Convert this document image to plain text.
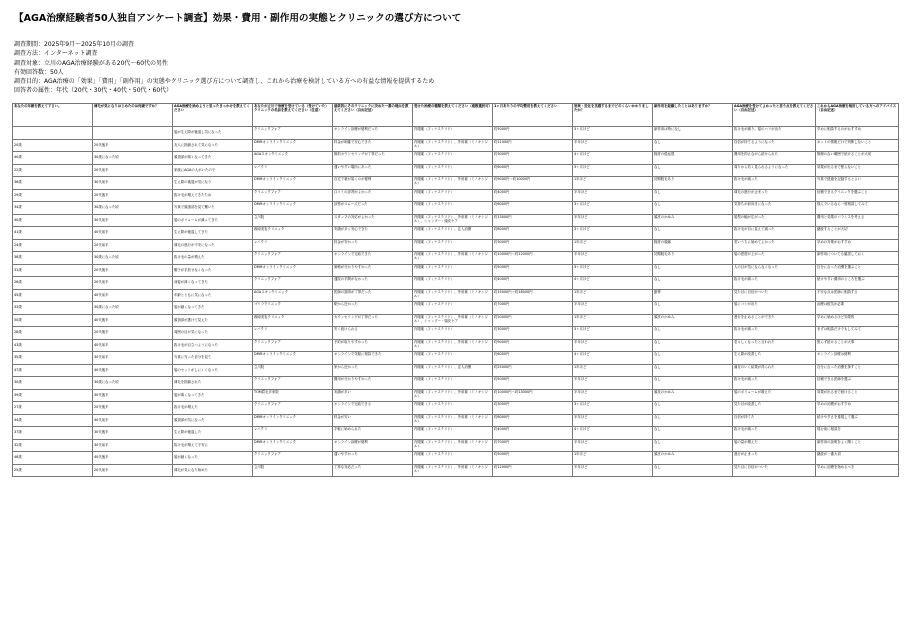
【AGA治療経験者50人独自アンケート調査】効果・費用・副作用の実態とクリニックの選び方について
調査期間：2025年9月～2025年10月の調査
調査方法：インターネット調査
調査対象：立川のAGA治療経験がある20代～60代の男性
有効回答数：50人
調査目的：AGA治療の「効果」「費用」「副作用」の実態やクリニック選び方について調査し、これから治療を検討している方への有益な情報を提供するため
回答者の属性：年代（20代・30代・40代・50代・60代）
あなたの年齢を教えて下さい。	薄毛が気になりはじめたのは何歳ですか？	AGA治療を始めようと思ったきっかけを教えてください	あなたが立川で治療を受けている（受けていた）クリニックの名前を教えてください（任意）	最終的にそのクリニックに決めた一番の理由を教えてください（自由記述）	受けた治療の種類を教えてください（複数選択可）	1ヶ月あたりの平均費用を教えてください	効果・変化を実感するまでどのくらいかかりましたか？	副作用を経験したことはありますか？	AGA治療を受けてよかったと思う点を教えてください（自由記述）	これからAGA治療を検討している方へのアドバイス（自由記述）

		髪が生え際が後退し気になった	クリニックフォア	オンライン診療が便利だった	内服薬（フィナステリド）	約5000円	3ヶ月ほど	副作用は特になし	抜け毛が減り、髪のハリが出た	早めに相談するのがおすすめ

20歳	20代後半	友人に指摘されて気になった	DMMオンラインクリニック	料金が明確で安心できた	内服薬（フィナステリド）、外用薬（ミノキシジル）	約11000円	半年ほど	なし	自信が持てるようになった	ネットの情報だけで判断しないこと

40歳	30歳になった頃	頭頂部が薄くなってきた	AGAスキンクリニック	無料カウンセリングが丁寧だった	内服薬（フィナステリド）	約3000円	4ヶ月ほど	軽度の倦怠感	費用を抑えながら続けられた	無理のない範囲で続けることが大切

22歳	20代前半	家族にAGAの人がいたので	レバクリ	通いやすい場所にあった	内服薬（フィナステリド）	約6000円	3ヶ月ほど	なし	周りから若く見られるようになった	効果が出るまで焦らないこと

36歳	30代前半	生え際の後退が気になり	DMMオンラインクリニック	自宅で薬が届くのが便利	内服薬（フィナステリド）、外用薬（ミノキシジル）	約9000円～約10000円	1年ほど	初期脱毛あり	抜け毛が減った	写真で経過を記録するとよい

29歳	20代後半	抜け毛が増えてきたため	クリニックフォア	口コミの評判がよかった	内服薬（フィナステリド）	約4000円	半年ほど	なし	薄毛の進行が止まった	信頼できるクリニックを選ぶこと

34歳	30歳になった頃	写真で頭頂部を見て驚いた	DMMオンラインクリニック	診察がスムーズだった	内服薬（フィナステリド）	約6000円	3ヶ月ほど	なし	気持ちが前向きになった	悩んでいるなら一度相談してみて

40歳	30代前半	髪のボリュームが減ってきた	立川院	スタッフの対応がよかった	内服薬（フィナステリド）、外用薬（ミノキシジル）、シャンプー・頭皮ケア	約13000円	半年ほど	頭皮のかゆみ	髪型の幅が広がった	費用と効果のバランスを考える

41歳	40代前半	生え際が後退してきた	湘南美容クリニック	実績が多く安心できた	内服薬（フィナステリド）、注入治療	約8000円	3ヶ月ほど	なし	抜け毛が目に見えて減った	継続することが大切

24歳	20代前半	薄毛の進行が不安になった	レバクリ	料金が安かった	内服薬（フィナステリド）	約3000円	1年ほど	軽度の頭痛	若いうちに始めてよかった	早めの対策がおすすめ

38歳	30歳になった頃	抜け毛の量が増えた	クリニックフォア	オンラインで完結できた	内服薬（フィナステリド）、外用薬（ミノキシジル）	約10000円～約12000円	半年ほど	初期脱毛あり	髪の密度が上がった	副作用についても確認しておく

31歳	20代後半	帽子が手放せなくなった	DMMオンラインクリニック	価格が分かりやすかった	内服薬（フィナステリド）	約5000円	3ヶ月ほど	なし	人の目が気にならなくなった	自分に合った治療を選ぶこと

26歳	20代前半	前髪が薄くなってきた	クリニックフォア	通院の手間がなかった	内服薬（フィナステリド）	約4000円	4ヶ月ほど	なし	抜け毛が減った	続けやすい費用のところを選ぶ

45歳	40代前半	年齢とともに気になった	AGAスキンクリニック	医師の説明が丁寧だった	内服薬（フィナステリド）、外用薬（ミノキシジル）	約15000円～約18000円	1年ほど	動悸	見た目に自信がついた	不安な点は医師に相談する

33歳	30歳になった頃	髪が細くなってきた	ゴリラクリニック	駅から近かった	内服薬（フィナステリド）	約7000円	半年ほど	なし	髪にコシが出た	治療は根気が必要

50歳	40代後半	頭頂部が透けて見えた	湘南美容クリニック	カウンセリングが丁寧だった	内服薬（フィナステリド）、外用薬（ミノキシジル）、シャンプー・頭皮ケア	約20000円	1年ほど	頭皮のかゆみ	進行を止めることができた	早めに始めるほど効果的

28歳	20代後半	周囲の目が気になった	レバクリ	安く続けられる	内服薬（フィナステリド）	約3000円	3ヶ月ほど	なし	抜け毛が減った	まずは相談だけでもしてみて

43歳	40代前半	抜け毛が目立つようになった	クリニックフォア	予約が取りやすかった	内服薬（フィナステリド）、外用薬（ミノキシジル）	約9000円	半年ほど	なし	若々しくなったと言われた	焦らず続けることが大事

35歳	30代前半	写真に写った自分を見て	DMMオンラインクリニック	オンラインで気軽に相談できた	内服薬（フィナステリド）	約6000円	4ヶ月ほど	なし	生え際が改善した	オンライン診療は便利

47歳	40代後半	髪のセットがしにくくなった	立川院	家から近かった	内服薬（フィナステリド）、注入治療	約25000円	1年ほど	なし	満足のいく結果が得られた	自分に合った治療を探すこと

30歳	30歳になった頃	薄毛を指摘された	クリニックフォア	費用が分かりやすかった	内服薬（フィナステリド）	約5000円	半年ほど	なし	抜け毛が減った	信頼できる医師を選ぶ

39歳	30代後半	髪が薄くなってきた	TOM眉毛多来院	実績が多い	内服薬（フィナステリド）、外用薬（ミノキシジル）	約10000円～約13000円	半年ほど	頭皮のかゆみ	髪のボリュームが増えた	効果が出るまで続けること

27歳	20代後半	抜け毛が増えた	クリニックフォア	オンラインで完結できる	内服薬（フィナステリド）	約3000円	3ヶ月ほど	なし	見た目が改善した	早めの治療がおすすめ

44歳	40代前半	頭頂部が気になった	DMMオンラインクリニック	料金が安い	内服薬（フィナステリド）、外用薬（ミノキシジル）	約8000円	半年ほど	なし	自信が持てた	続けやすさを重視して選ぶ

37歳	30代後半	生え際が後退した	レバクリ	手軽に始められた	内服薬（フィナステリド）	約4000円	4ヶ月ほど	なし	抜け毛が減った	悩む前に相談を

32歳	30代前半	抜け毛が増えて不安に	DMMオンラインクリニック	オンライン診療が便利	内服薬（フィナステリド）、外用薬（ミノキシジル）	約7000円	半年ほど	なし	髪の量が増えた	副作用の説明をよく聞くこと

48歳	40代後半	髪が細くなった	クリニックフォア	通いやすかった	内服薬（フィナステリド）	約5000円	1年ほど	頭皮のかゆみ	進行が止まった	継続が一番大切

25歳	20代前半	薄毛が気になり始めた	立川院	丁寧な対応だった	内服薬（フィナステリド）、外用薬（ミノキシジル）	約12000円	半年ほど	なし	見た目に自信がついた	早めに治療を始めるべき
